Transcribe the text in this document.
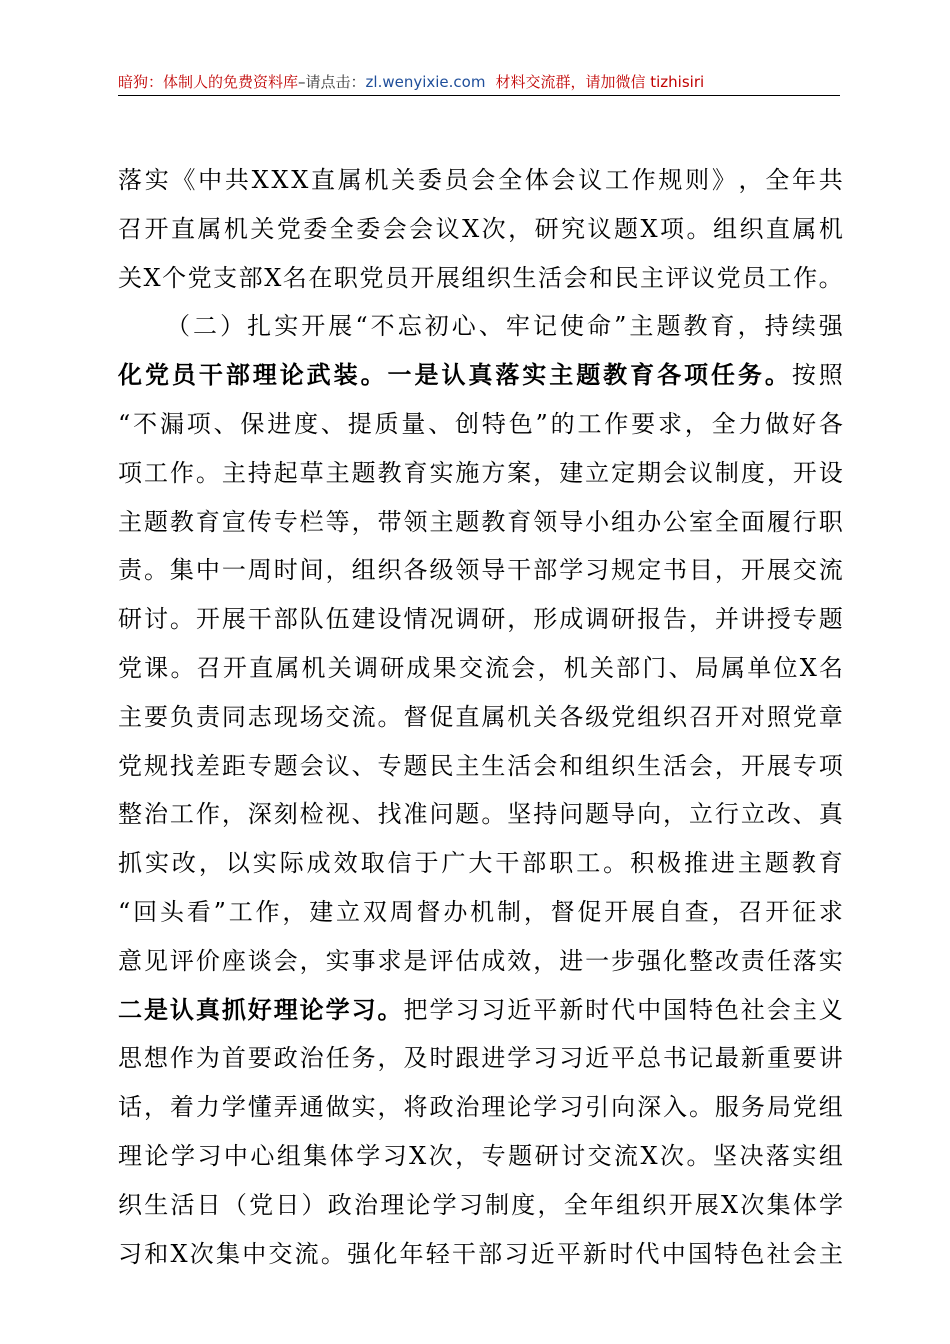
暗狗：体制人的免费资料库–请点击：zl.wenyixie.com 材料交流群，请加微信 tizhisiri
落 实 《 中 共 X X X 直 属 机 关 委 员 会 全 体 会 议 工 作 规 则 》 ， 全 年 共
召 开 直 属 机 关 党 委 全 委 会 会 议 X 次 ， 研 究 议 题 X 项 。 组 织 直 属 机
关 X 个 党 支 部 X 名 在 职 党 员 开 展 组 织 生 活 会 和 民 主 评 议 党 员 工 作 。
（ 二 ） 扎 实 开 展 “ 不 忘 初 心 、 牢 记 使 命 ” 主 题 教 育 ， 持 续 强
化 党 员 干 部 理 论 武 装 。 一 是 认 真 落 实 主 题 教 育 各 项 任 务 。 按 照
“ 不 漏 项 、 保 进 度 、 提 质 量 、 创 特 色 ” 的 工 作 要 求 ， 全 力 做 好 各
项 工 作 。 主 持 起 草 主 题 教 育 实 施 方 案 ， 建 立 定 期 会 议 制 度 ， 开 设
主 题 教 育 宣 传 专 栏 等 ， 带 领 主 题 教 育 领 导 小 组 办 公 室 全 面 履 行 职
责 。 集 中 一 周 时 间 ， 组 织 各 级 领 导 干 部 学 习 规 定 书 目 ， 开 展 交 流
研 讨 。 开 展 干 部 队 伍 建 设 情 况 调 研 ， 形 成 调 研 报 告 ， 并 讲 授 专 题
党 课 。 召 开 直 属 机 关 调 研 成 果 交 流 会 ， 机 关 部 门 、 局 属 单 位 X 名
主 要 负 责 同 志 现 场 交 流 。 督 促 直 属 机 关 各 级 党 组 织 召 开 对 照 党 章
党 规 找 差 距 专 题 会 议 、 专 题 民 主 生 活 会 和 组 织 生 活 会 ， 开 展 专 项
整 治 工 作 ， 深 刻 检 视 、 找 准 问 题 。 坚 持 问 题 导 向 ， 立 行 立 改 、 真
抓 实 改 ， 以 实 际 成 效 取 信 于 广 大 干 部 职 工 。 积 极 推 进 主 题 教 育
“ 回 头 看 ” 工 作 ， 建 立 双 周 督 办 机 制 ， 督 促 开 展 自 查 ， 召 开 征 求
意 见 评 价 座 谈 会 ， 实 事 求 是 评 估 成 效 ， 进 一 步 强 化 整 改 责 任 落 实
二 是 认 真 抓 好 理 论 学 习 。 把 学 习 习 近 平 新 时 代 中 国 特 色 社 会 主 义
思 想 作 为 首 要 政 治 任 务 ， 及 时 跟 进 学 习 习 近 平 总 书 记 最 新 重 要 讲
话 ， 着 力 学 懂 弄 通 做 实 ， 将 政 治 理 论 学 习 引 向 深 入 。 服 务 局 党 组
理 论 学 习 中 心 组 集 体 学 习 X 次 ， 专 题 研 讨 交 流 X 次 。 坚 决 落 实 组
织 生 活 日 （ 党 日 ） 政 治 理 论 学 习 制 度 ， 全 年 组 织 开 展 X 次 集 体 学
习 和 X 次 集 中 交 流 。 强 化 年 轻 干 部 习 近 平 新 时 代 中 国 特 色 社 会 主
